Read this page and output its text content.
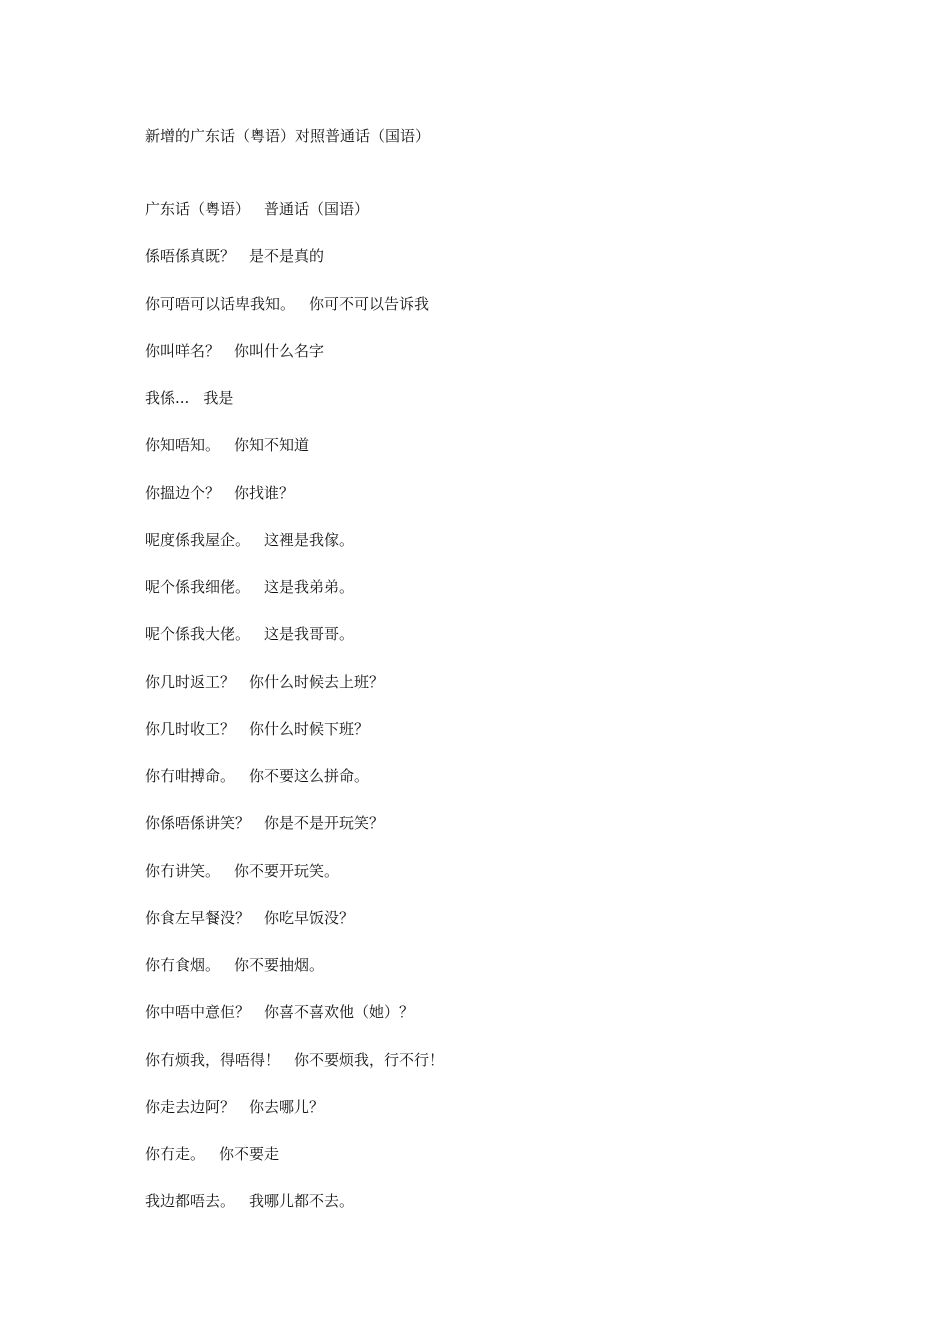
新增的广东话（粤语）对照普通话（国语）
广东话（粤语） 普通话（国语）
係唔係真既？ 是不是真的
你可唔可以话卑我知。 你可不可以告诉我
你叫咩名？ 你叫什么名字
我係... 我是
你知唔知。 你知不知道
你搵边个？ 你找谁？
呢度係我屋企。 这裡是我傢。
呢个係我细佬。 这是我弟弟。
呢个係我大佬。 这是我哥哥。
你几时返工？ 你什么时候去上班？
你几时收工？ 你什么时候下班？
你冇咁搏命。 你不要这么拼命。
你係唔係讲笑？ 你是不是开玩笑？
你冇讲笑。 你不要开玩笑。
你食左早餐没？ 你吃早饭没？
你冇食烟。 你不要抽烟。
你中唔中意佢？ 你喜不喜欢他（她）？
你冇烦我，得唔得！ 你不要烦我，行不行！
你走去边阿？ 你去哪儿？
你冇走。 你不要走
我边都唔去。 我哪儿都不去。
